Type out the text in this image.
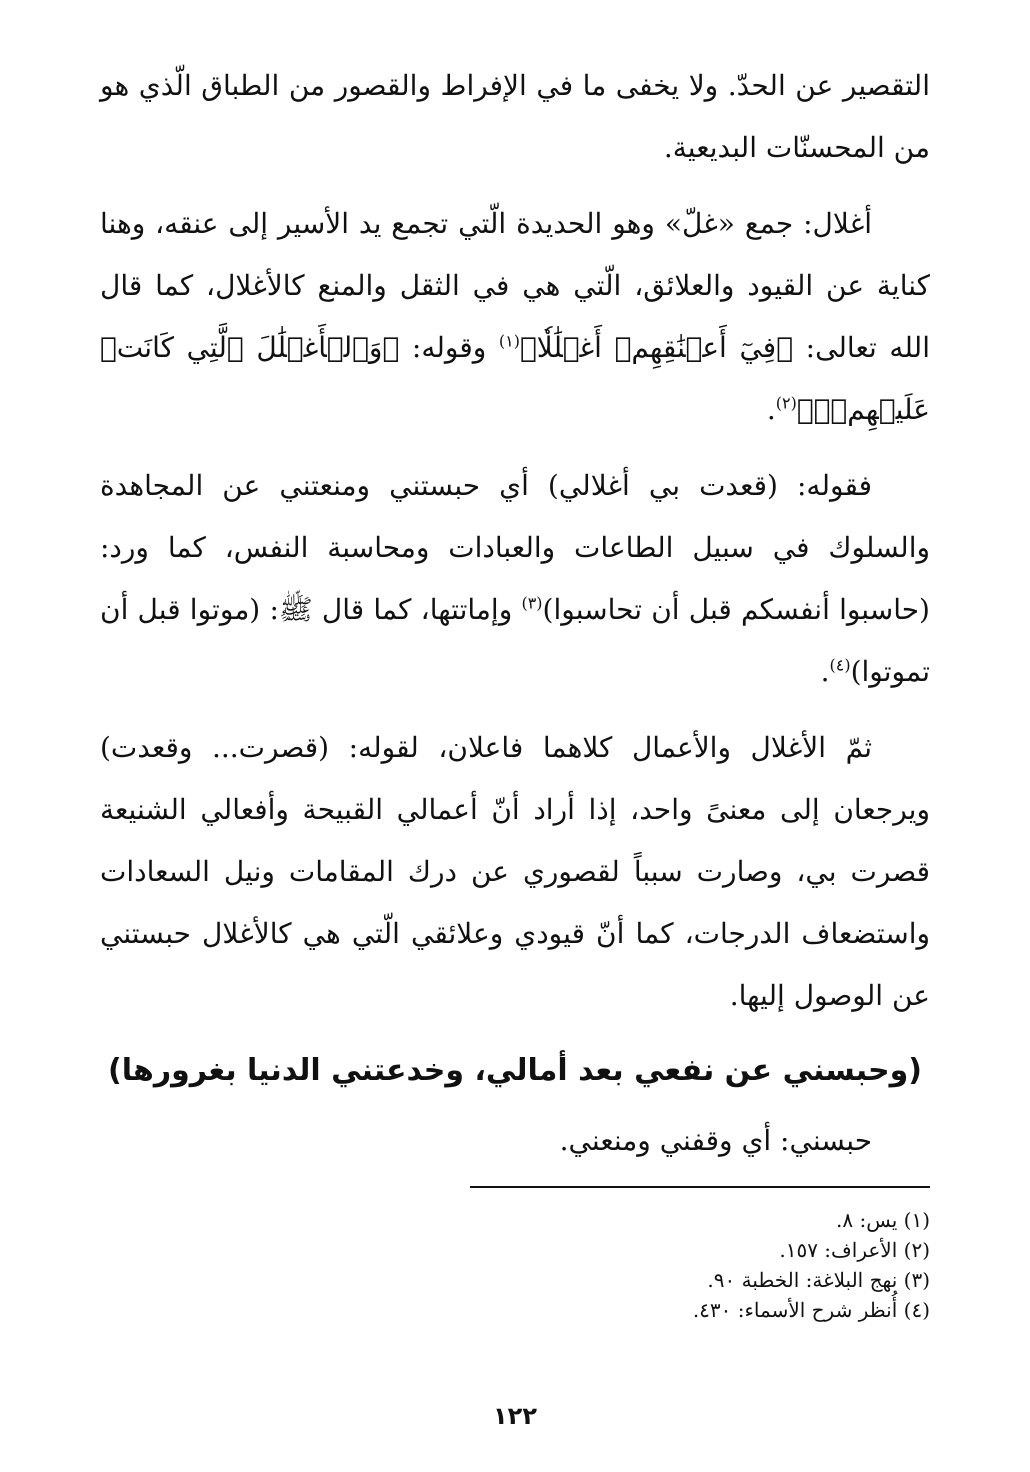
التقصير عن الحدّ. ولا يخفى ما في الإفراط والقصور من الطباق الّذي هو من المحسنّات البديعية.

أغلال: جمع «غلّ» وهو الحديدة الّتي تجمع يد الأسير إلى عنقه، وهنا كناية عن القيود والعلائق، الّتي هي في الثقل والمنع كالأغلال، كما قال الله تعالى: ﴿فِيٓ أَعۡنَٰقِهِمۡ أَغۡلَٰلٗا﴾$^{(١)}$ وقوله: ﴿وَٱلۡأَغۡلَٰلَ ٱلَّتِي كَانَتۡ عَلَيۡهِمۡۚ﴾$^{(٢)}$.

فقوله: (قعدت بي أغلالي) أي حبستني ومنعتني عن المجاهدة والسلوك في سبيل الطاعات والعبادات ومحاسبة النفس، كما ورد: (حاسبوا أنفسكم قبل أن تحاسبوا)$^{(٣)}$ وإماتتها، كما قال ﷺ: (موتوا قبل أن تموتوا)$^{(٤)}$.

ثمّ الأغلال والأعمال كلاهما فاعلان، لقوله: (قصرت... وقعدت) ويرجعان إلى معنىً واحد، إذا أراد أنّ أعمالي القبيحة وأفعالي الشنيعة قصرت بي، وصارت سبباً لقصوري عن درك المقامات ونيل السعادات واستضعاف الدرجات، كما أنّ قيودي وعلائقي الّتي هي كالأغلال حبستني عن الوصول إليها.

(وحبسني عن نفعي بعد أمالي، وخدعتني الدنيا بغرورها)

حبسني: أي وقفني ومنعني.

(١) يس: ٨.

(٢) الأعراف: ١٥٧.

(٣) نهج البلاغة: الخطبة ٩٠.

(٤) أُنظر شرح الأسماء: ٤٣٠.

١٢٢
